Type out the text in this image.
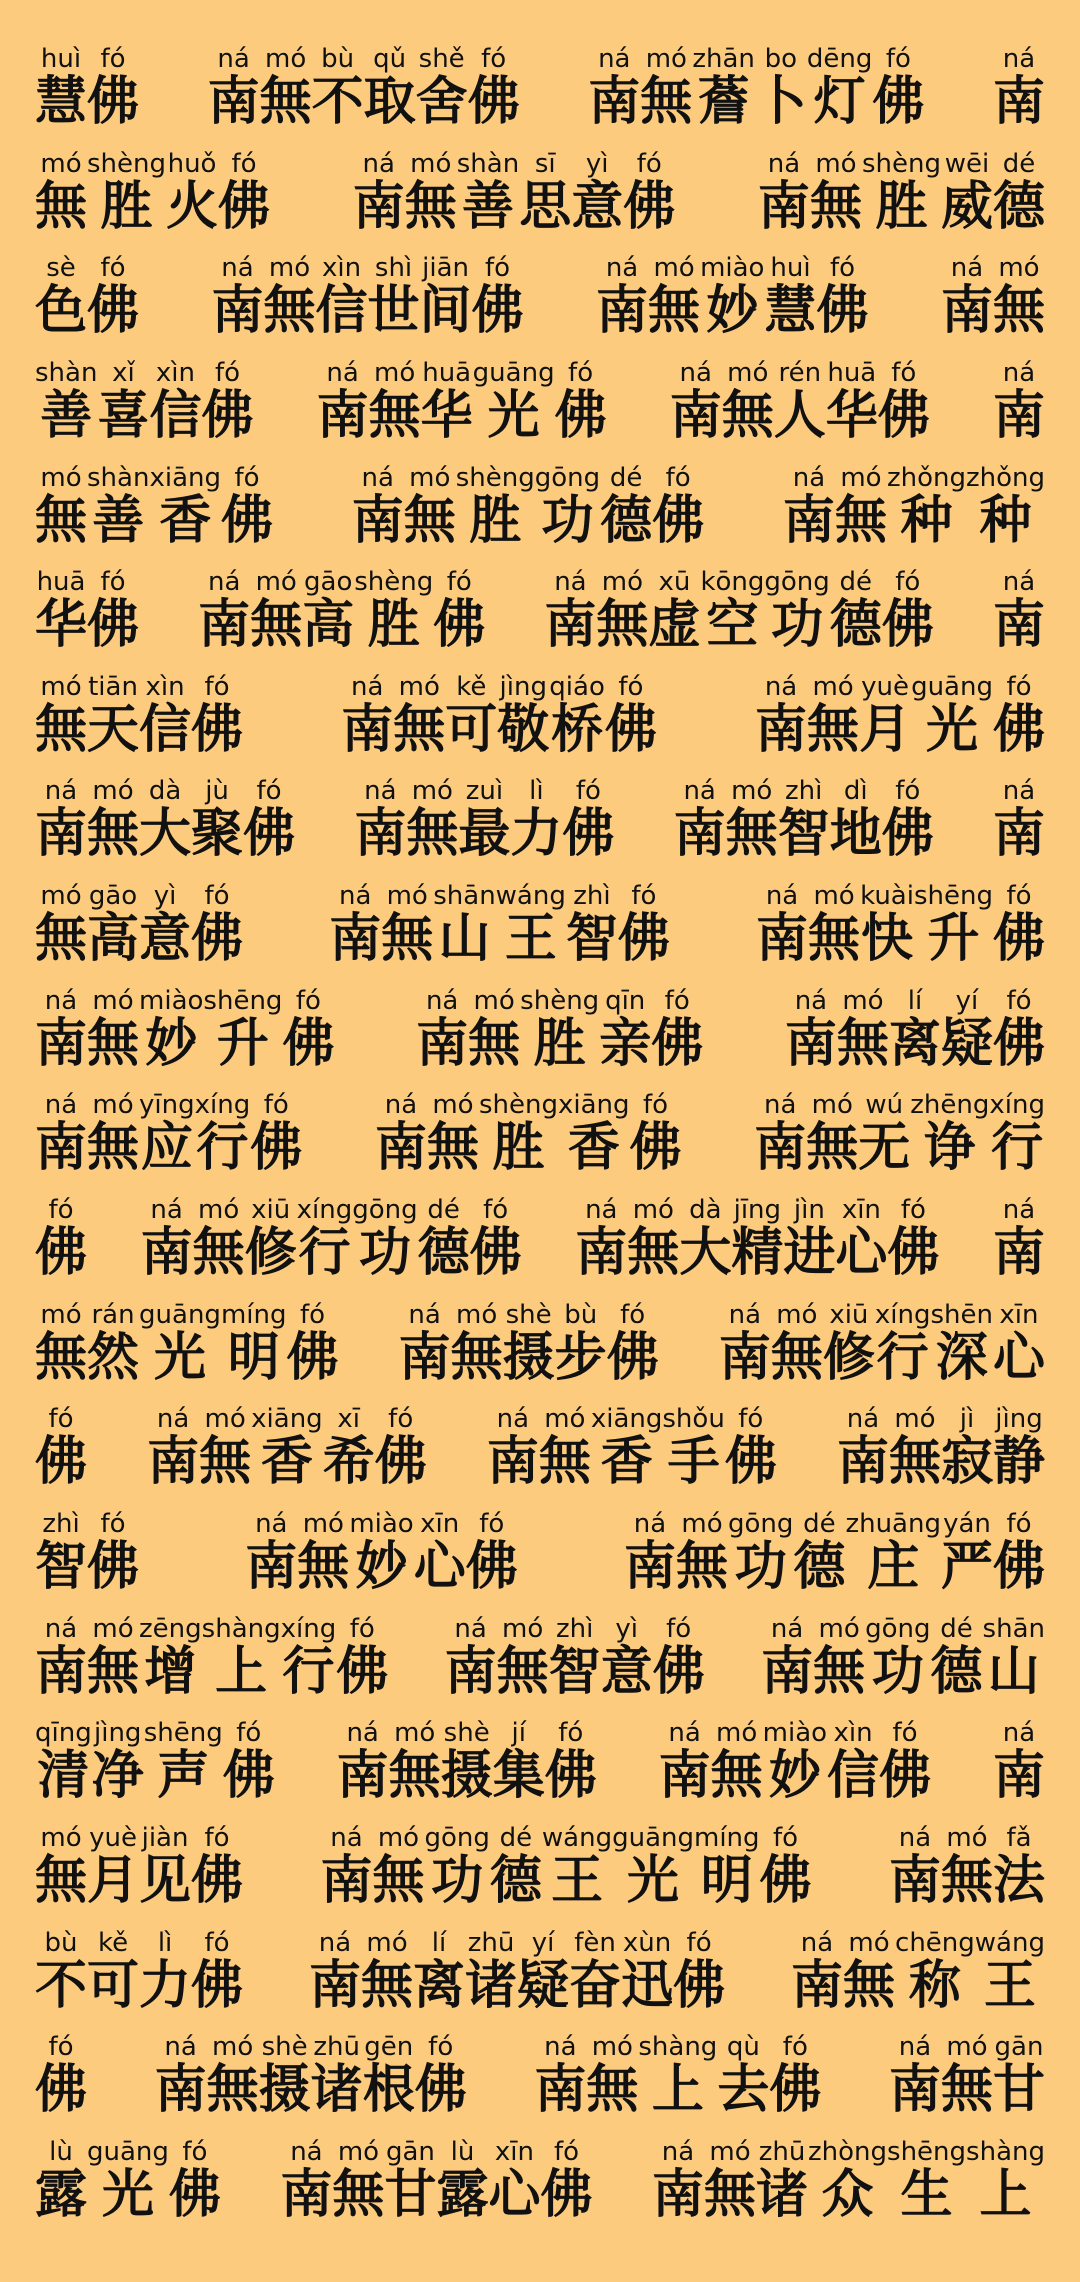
huì
慧
fó
佛
ná
南
mó
無
bù
不
qǔ
取
shě
舍
fó
佛
ná
南
mó
無
zhān
薝
bo
卜
dēng
灯
fó
佛
ná
南
mó
無
shèng
胜
huǒ
火
fó
佛
ná
南
mó
無
shàn
善
sī
思
yì
意
fó
佛
ná
南
mó
無
shèng
胜
wēi
威
dé
德
sè
色
fó
佛
ná
南
mó
無
xìn
信
shì
世
jiān
间
fó
佛
ná
南
mó
無
miào
妙
huì
慧
fó
佛
ná
南
mó
無
shàn
善
xǐ
喜
xìn
信
fó
佛
ná
南
mó
無
huā
华
guāng
光
fó
佛
ná
南
mó
無
rén
人
huā
华
fó
佛
ná
南
mó
無
shàn
善
xiāng
香
fó
佛
ná
南
mó
無
shèng
胜
gōng
功
dé
德
fó
佛
ná
南
mó
無
zhǒng
种
zhǒng
种
huā
华
fó
佛
ná
南
mó
無
gāo
高
shèng
胜
fó
佛
ná
南
mó
無
xū
虚
kōng
空
gōng
功
dé
德
fó
佛
ná
南
mó
無
tiān
天
xìn
信
fó
佛
ná
南
mó
無
kě
可
jìng
敬
qiáo
桥
fó
佛
ná
南
mó
無
yuè
月
guāng
光
fó
佛
ná
南
mó
無
dà
大
jù
聚
fó
佛
ná
南
mó
無
zuì
最
lì
力
fó
佛
ná
南
mó
無
zhì
智
dì
地
fó
佛
ná
南
mó
無
gāo
高
yì
意
fó
佛
ná
南
mó
無
shān
山
wáng
王
zhì
智
fó
佛
ná
南
mó
無
kuài
快
shēng
升
fó
佛
ná
南
mó
無
miào
妙
shēng
升
fó
佛
ná
南
mó
無
shèng
胜
qīn
亲
fó
佛
ná
南
mó
無
lí
离
yí
疑
fó
佛
ná
南
mó
無
yīng
应
xíng
行
fó
佛
ná
南
mó
無
shèng
胜
xiāng
香
fó
佛
ná
南
mó
無
wú
无
zhēng
诤
xíng
行
fó
佛
ná
南
mó
無
xiū
修
xíng
行
gōng
功
dé
德
fó
佛
ná
南
mó
無
dà
大
jīng
精
jìn
进
xīn
心
fó
佛
ná
南
mó
無
rán
然
guāng
光
míng
明
fó
佛
ná
南
mó
無
shè
摄
bù
步
fó
佛
ná
南
mó
無
xiū
修
xíng
行
shēn
深
xīn
心
fó
佛
ná
南
mó
無
xiāng
香
xī
希
fó
佛
ná
南
mó
無
xiāng
香
shǒu
手
fó
佛
ná
南
mó
無
jì
寂
jìng
静
zhì
智
fó
佛
ná
南
mó
無
miào
妙
xīn
心
fó
佛
ná
南
mó
無
gōng
功
dé
德
zhuāng
庄
yán
严
fó
佛
ná
南
mó
無
zēng
增
shàng
上
xíng
行
fó
佛
ná
南
mó
無
zhì
智
yì
意
fó
佛
ná
南
mó
無
gōng
功
dé
德
shān
山
qīng
清
jìng
净
shēng
声
fó
佛
ná
南
mó
無
shè
摄
jí
集
fó
佛
ná
南
mó
無
miào
妙
xìn
信
fó
佛
ná
南
mó
無
yuè
月
jiàn
见
fó
佛
ná
南
mó
無
gōng
功
dé
德
wáng
王
guāng
光
míng
明
fó
佛
ná
南
mó
無
fǎ
法
bù
不
kě
可
lì
力
fó
佛
ná
南
mó
無
lí
离
zhū
诸
yí
疑
fèn
奋
xùn
迅
fó
佛
ná
南
mó
無
chēng
称
wáng
王
fó
佛
ná
南
mó
無
shè
摄
zhū
诸
gēn
根
fó
佛
ná
南
mó
無
shàng
上
qù
去
fó
佛
ná
南
mó
無
gān
甘
lù
露
guāng
光
fó
佛
ná
南
mó
無
gān
甘
lù
露
xīn
心
fó
佛
ná
南
mó
無
zhū
诸
zhòng
众
shēng
生
shàng
上
